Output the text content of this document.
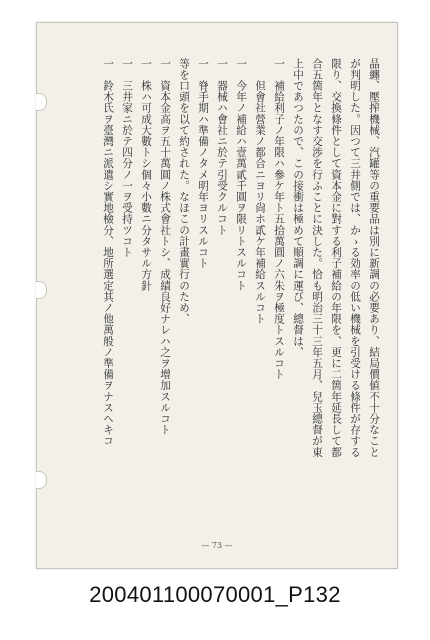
晶纏、壓搾機械、汽罐等の重要品は別に新調の必要あり、結局價値不十分なこと
が判明した。因つて三井側では、かゝる効率の低い機械を引受ける條件が存する
限り、交換條件として資本金に對する利子補給の年限を、更に二箇年延長して都
合五箇年となす交渉を行ふことに決した。恰も明治三十三年五月、兒玉總督が東
上中であつたので、この接衝は極めて順調に運び、總督は、
一　補給利子ノ年限ハ參ケ年ト五拾萬圓ノ六朱ヲ極度トスルコト
　　但會社營業ノ都合ニヨリ尙ホ貳ケ年補給スルコト
一　今年ノ補給ハ壹萬貳千圓ヲ限リトスルコト
一　器械ハ會社ニ於テ引受クルコト
一　脊手期ハ準備ノタメ明年ヨリスルコト
等を口頭を以て約された。なほこの計畫實行のため、
一　資本金高ヲ五十萬圓ノ株式會社トシ、成績良好ナレハ之ヲ增加スルコト
一　株ハ可成大數トシ個々小數ニ分タサル方針
一　三井家ニ於テ四分ノ一ヲ受持ツコト
一　鈴木氏ヲ臺灣ニ派遣シ實地檢分、地所選定其ノ他萬般ノ準備ヲナスヘキコ
— 73 —
200401100070001_P132
